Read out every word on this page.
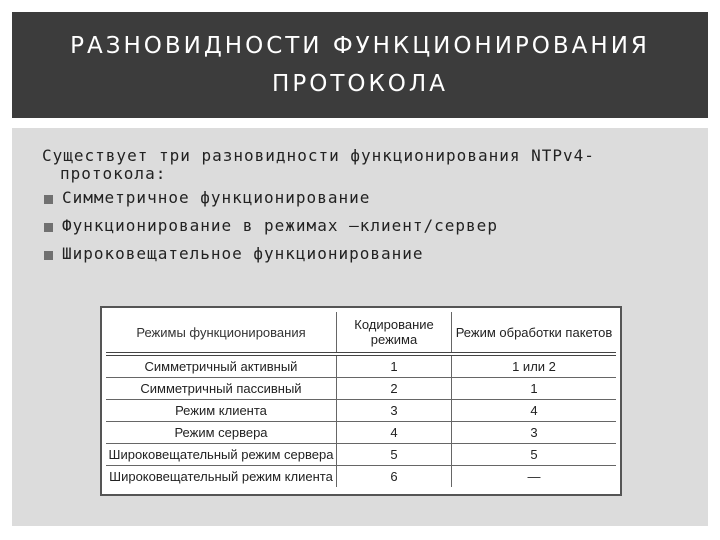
РАЗНОВИДНОСТИ ФУНКЦИОНИРОВАНИЯ
ПРОТОКОЛА
Существует три разновидности функционирования NTPv4-
протокола:
Симметричное функционирование
Функционирование в режимах —клиент/сервер
Широковещательное функционирование
Режимы функционирования	Кодирование режима	Режим обработки пакетов
Симметричный активный	1	1 или 2
Симметричный пассивный	2	1
Режим клиента	3	4
Режим сервера	4	3
Широковещательный режим сервера	5	5
Широковещательный режим клиента	6	—
